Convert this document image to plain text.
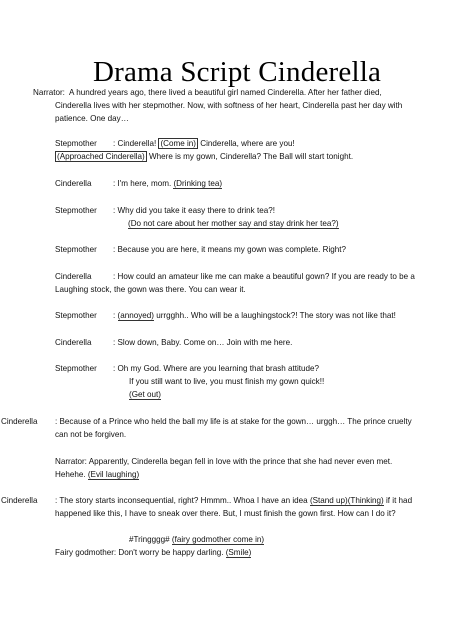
Drama Script Cinderella
Narrator: A hundred years ago, there lived a beautiful girl named Cinderella. After her father died,
Cinderella lives with her stepmother. Now, with softness of her heart, Cinderella past her day with
patience. One day…
Stepmother : Cinderella! (Come in) Cinderella, where are you!
(Approached Cinderella) Where is my gown, Cinderella? The Ball will start tonight.
Cinderella	: I'm here, mom. (Drinking tea)
Stepmother : Why did you take it easy there to drink tea?!
(Do not care about her mother say and stay drink her tea?)
Stepmother : Because you are here, it means my gown was complete. Right?
Cinderella	: How could an amateur like me can make a beautiful gown? If you are ready to be a
Laughing stock, the gown was there. You can wear it.
Stepmother : (annoyed) urrgghh.. Who will be a laughingstock?! The story was not like that!
Cinderella	: Slow down, Baby. Come on… Join with me here.
Stepmother : Oh my God. Where are you learning that brash attitude?
If you still want to live, you must finish my gown quick!!
(Get out)
Cinderella : Because of a Prince who held the ball my life is at stake for the gown… urggh… The prince cruelty
can not be forgiven.
Narrator: Apparently, Cinderella began fell in love with the prince that she had never even met.
Hehehe. (Evil laughing)
Cinderella : The story starts inconsequential, right? Hmmm.. Whoa I have an idea (Stand up)(Thinking) if it had
happened like this, I have to sneak over there. But, I must finish the gown first. How can I do it?
#Tringggg# (fairy godmother come in)
Fairy godmother: Don't worry be happy darling. (Smile)
